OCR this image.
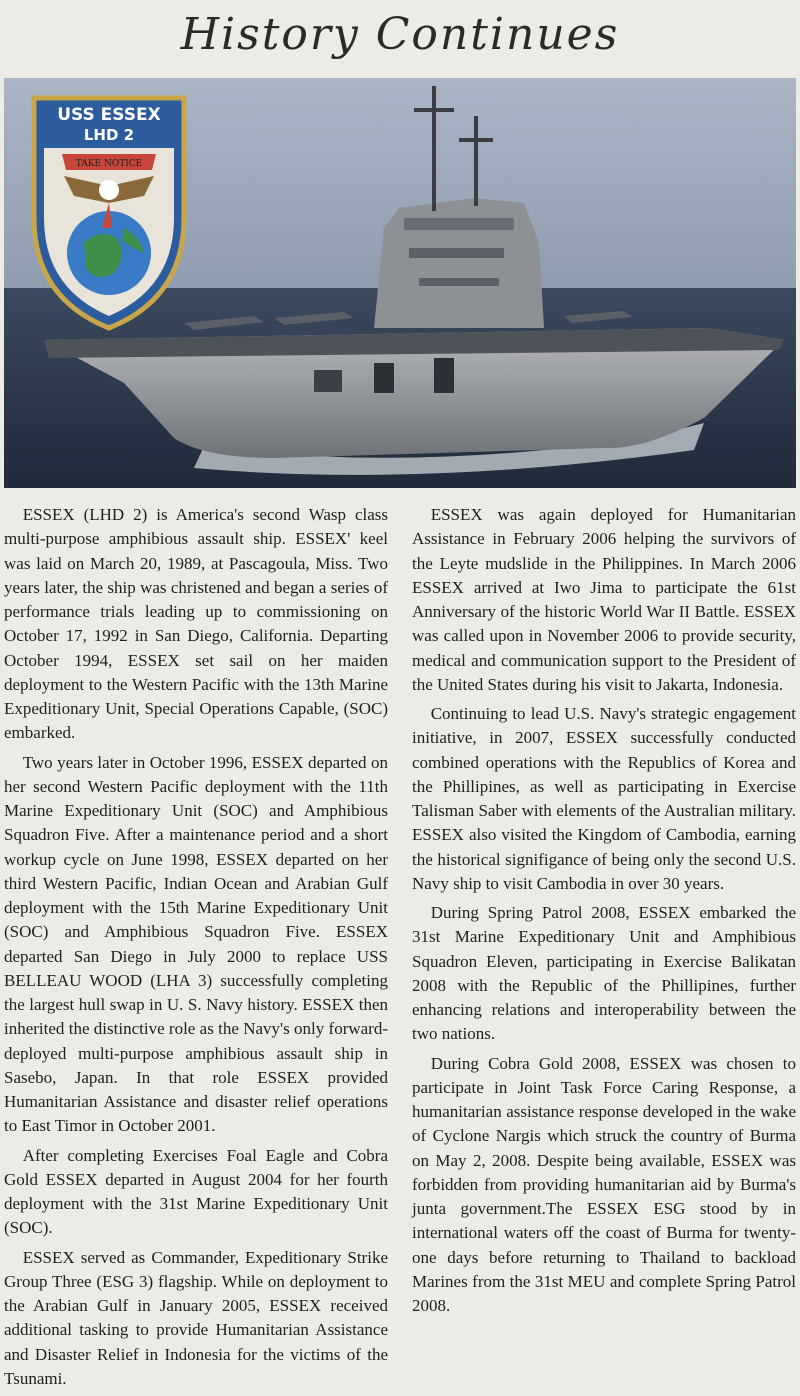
History Continues
USS ESSEX
LHD 2
TAKE NOTICE

ESSEX (LHD 2) is America's second Wasp class multi-purpose amphibious assault ship. ESSEX' keel was laid on March 20, 1989, at Pascagoula, Miss. Two years later, the ship was christened and began a series of performance trials leading up to commissioning on October 17, 1992 in San Diego, California. Departing October 1994, ESSEX set sail on her maiden deployment to the Western Pacific with the 13th Marine Expeditionary Unit, Special Operations Capable, (SOC) embarked.

Two years later in October 1996, ESSEX departed on her second Western Pacific deployment with the 11th Marine Expeditionary Unit (SOC) and Amphibious Squadron Five. After a maintenance period and a short workup cycle on June 1998, ESSEX departed on her third Western Pacific, Indian Ocean and Arabian Gulf deployment with the 15th Marine Expeditionary Unit (SOC) and Amphibious Squadron Five. ESSEX departed San Diego in July 2000 to replace USS BELLEAU WOOD (LHA 3) successfully completing the largest hull swap in U. S. Navy history. ESSEX then inherited the distinctive role as the Navy's only forward-deployed multi-purpose amphibious assault ship in Sasebo, Japan. In that role ESSEX provided Humanitarian Assistance and disaster relief operations to East Timor in October 2001.

After completing Exercises Foal Eagle and Cobra Gold ESSEX departed in August 2004 for her fourth deployment with the 31st Marine Expeditionary Unit (SOC).

ESSEX served as Commander, Expeditionary Strike Group Three (ESG 3) flagship. While on deployment to the Arabian Gulf in January 2005, ESSEX received additional tasking to provide Humanitarian Assistance and Disaster Relief in Indonesia for the victims of the Tsunami.

ESSEX was again deployed for Humanitarian Assistance in February 2006 helping the survivors of the Leyte mudslide in the Philippines. In March 2006 ESSEX arrived at Iwo Jima to participate the 61st Anniversary of the historic World War II Battle. ESSEX was called upon in November 2006 to provide security, medical and communication support to the President of the United States during his visit to Jakarta, Indonesia.

Continuing to lead U.S. Navy's strategic engagement initiative, in 2007, ESSEX successfully conducted combined operations with the Republics of Korea and the Phillipines, as well as participating in Exercise Talisman Saber with elements of the Australian military. ESSEX also visited the Kingdom of Cambodia, earning the historical signifigance of being only the second U.S. Navy ship to visit Cambodia in over 30 years.

During Spring Patrol 2008, ESSEX embarked the 31st Marine Expeditionary Unit and Amphibious Squadron Eleven, participating in Exercise Balikatan 2008 with the Republic of the Phillipines, further enhancing relations and interoperability between the two nations.

During Cobra Gold 2008, ESSEX was chosen to participate in Joint Task Force Caring Response, a humanitarian assistance response developed in the wake of Cyclone Nargis which struck the country of Burma on May 2, 2008. Despite being available, ESSEX was forbidden from providing humanitarian aid by Burma's junta government.The ESSEX ESG stood by in international waters off the coast of Burma for twenty-one days before returning to Thailand to backload Marines from the 31st MEU and complete Spring Patrol 2008.
